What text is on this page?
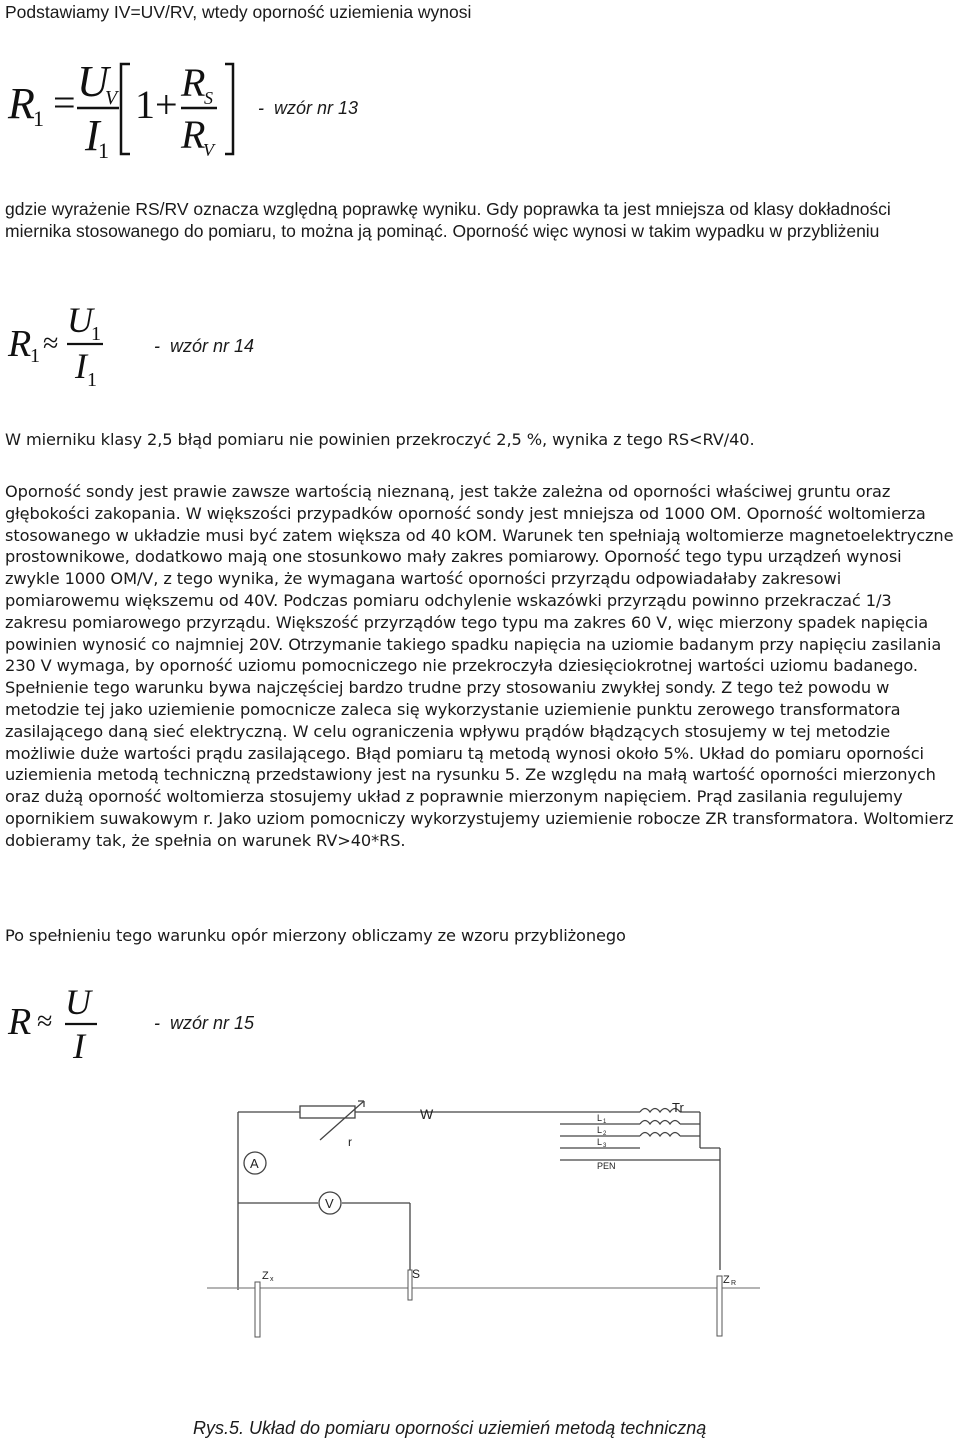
Podstawiamy IV=UV/RV, wtedy oporność uziemienia wynosi
R
1 = U
V
I
1
1+ R
S
R
V
-  wzór nr 13

gdzie wyrażenie RS/RV oznacza względną poprawkę wyniku. Gdy poprawka ta jest mniejsza od klasy dokładności miernika stosowanego do pomiaru, to można ją pominąć. Oporność więc wynosi w takim wypadku w przybliżeniu

R
1 ≈
U
1
I 1
-  wzór nr 14

W mierniku klasy 2,5 błąd pomiaru nie powinien przekroczyć 2,5 %, wynika z tego RS<RV/40.

Oporność sondy jest prawie zawsze wartością nieznaną, jest także zależna od oporności właściwej gruntu oraz głębokości zakopania. W większości przypadków oporność sondy jest mniejsza od 1000 OM. Oporność woltomierza stosowanego w układzie musi być zatem większa od 40 kOM. Warunek ten spełniają woltomierze magnetoelektryczne prostownikowe, dodatkowo mają one stosunkowo mały zakres pomiarowy. Oporność tego typu urządzeń wynosi zwykle 1000 OM/V, z tego wynika, że wymagana wartość oporności przyrządu odpowiadałaby zakresowi pomiarowemu większemu od 40V. Podczas pomiaru odchylenie wskazówki przyrządu powinno przekraczać 1/3 zakresu pomiarowego przyrządu. Większość przyrządów tego typu ma zakres 60 V, więc mierzony spadek napięcia powinien wynosić co najmniej 20V. Otrzymanie takiego spadku napięcia na uziomie badanym przy napięciu zasilania 230 V wymaga, by oporność uziomu pomocniczego nie przekroczyła dziesięciokrotnej wartości uziomu badanego. Spełnienie tego warunku bywa najczęściej bardzo trudne przy stosowaniu zwykłej sondy. Z tego też powodu w metodzie tej jako uziemienie pomocnicze zaleca się wykorzystanie uziemienie punktu zerowego transformatora zasilającego daną sieć elektryczną. W celu ograniczenia wpływu prądów błądzących stosujemy w tej metodzie możliwie duże wartości prądu zasilającego. Błąd pomiaru tą metodą wynosi około 5%. Układ do pomiaru oporności uziemienia metodą techniczną przedstawiony jest na rysunku 5. Ze względu na małą wartość oporności mierzonych oraz dużą oporność woltomierza stosujemy układ z poprawnie mierzonym napięciem. Prąd zasilania regulujemy opornikiem suwakowym r. Jako uziom pomocniczy wykorzystujemy uziemienie robocze ZR transformatora. Woltomierz dobieramy tak, że spełnia on warunek RV>40*RS.

Po spełnieniu tego warunku opór mierzony obliczamy ze wzoru przybliżonego

R ≈ U
I
-  wzór nr 15
A
V
W
r
Tr
L 1
L 2
L 3
PEN
Z x	S	Z R
Rys.5. Układ do pomiaru oporności uziemień metodą techniczną
